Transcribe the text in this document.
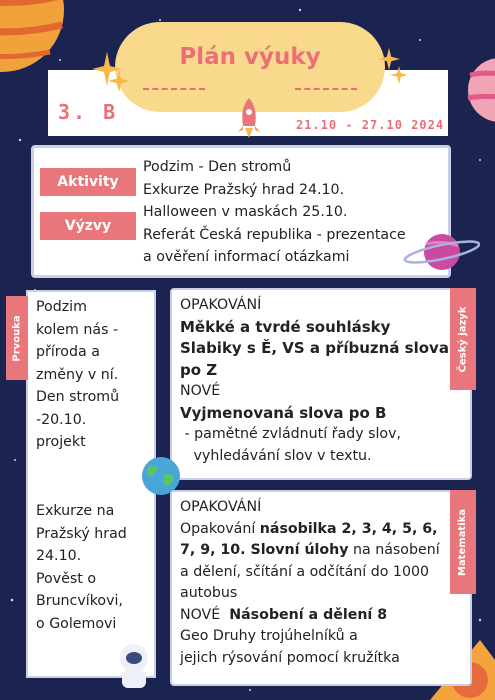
Plán výuky
3. B
21.10 - 27.10 2024
Aktivity
Výzvy
Podzim - Den stromů
Exkurze Pražský hrad 24.10.
Halloween v maskách 25.10.
Referát Česká republika - prezentace
a ověření informací otázkami
Prvouka
Podzim
kolem nás -
příroda a
změny v ní.
Den stromů
-20.10.
projekt
Exkurze na
Pražský hrad
24.10.
Pověst o
Bruncvíkovi,
o Golemovi
Český jazyk
OPAKOVÁNÍ
Měkké a tvrdé souhlásky
Slabiky s Ě, VS a příbuzná slova
po Z
NOVÉ
Vyjmenovaná slova po B
- pamětné zvládnutí řady slov,
vyhledávání slov v textu.
Matematika
OPAKOVÁNÍ
Opakování násobilka 2, 3, 4, 5, 6,
7, 9, 10. Slovní úlohy na násobení
a dělení, sčítání a odčítání do 1000
autobus
NOVÉ  Násobení a dělení 8
Geo Druhy trojúhelníků a
jejich rýsování pomocí kružítka
